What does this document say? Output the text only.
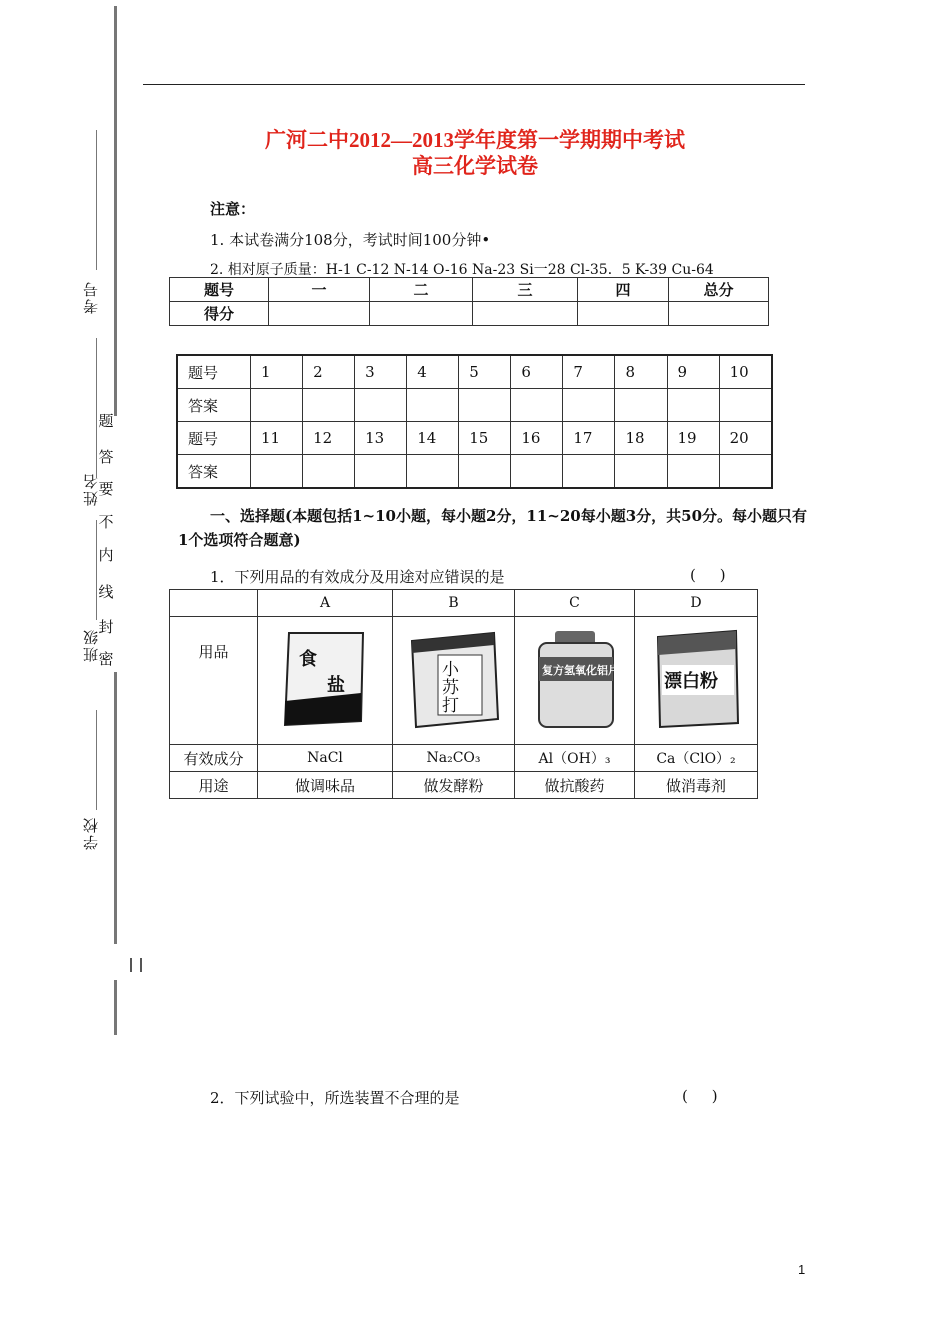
考号
姓名
班级
学校
密
封
线
内
不
要
答
题
广河二中2012—2013学年度第一学期期中考试
高三化学试卷
注意：
1. 本试卷满分108分，考试时间100分钟•
2. 相对原子质量：H-1 C-12 N-14 O-16 Na-23 Si一28 Cl-35．5 K-39 Cu-64
题号	一	二	三	四	总分
得分					
题号	1	2	3	4	5	6	7	8	9	10
答案										
题号	11	12	13	14	15	16	17	18	19	20
答案										
一、选择题(本题包括1~10小题，每小题2分，11~20每小题3分，共50分。每小题只有1个选项符合题意)
1．下列用品的有效成分及用途对应错误的是	(     )
	A	B	C	D
用品	食
盐	小
苏
打	复方氢氧化铝片	漂白粉

有效成分	NaCl	Na₂CO₃	Al（OH）₃	Ca（ClO）₂
用途	做调味品	做发酵粉	做抗酸药	做消毒剂
2．下列试验中，所选装置不合理的是	(     )
1
